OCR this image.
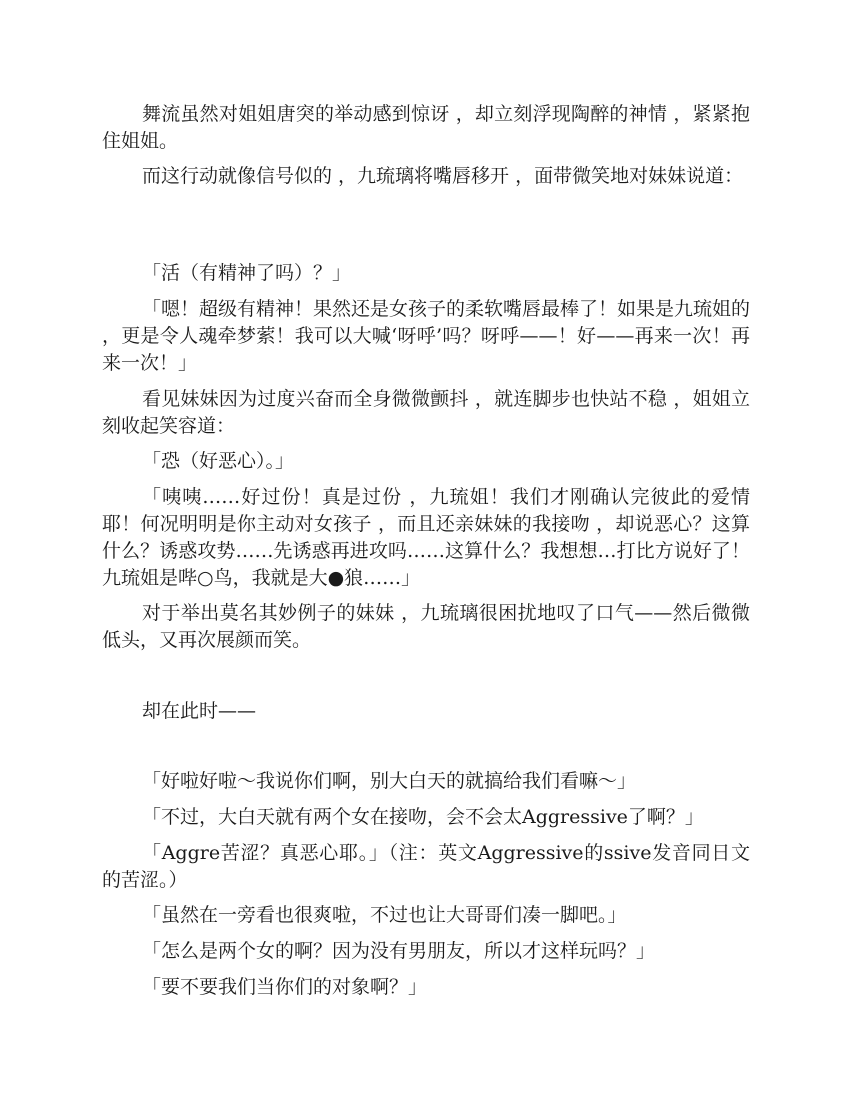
舞流虽然对姐姐唐突的举动感到惊讶 ，却立刻浮现陶醉的神情 ，紧紧抱住姐姐。

而这行动就像信号似的 ，九琉璃将嘴唇移开 ，面带微笑地对妹妹说道：

「活（有精神了吗）？」

「嗯！超级有精神！果然还是女孩子的柔软嘴唇最棒了！如果是九琉姐的 ，更是令人魂牵梦萦！我可以大喊‘呀呼’吗？呀呼——！好——再来一次！再来一次！」

看见妹妹因为过度兴奋而全身微微颤抖 ，就连脚步也快站不稳 ，姐姐立刻收起笑容道：

「恐（好恶心）。」

「咦咦……好过份！真是过份 ，九琉姐！我们才刚确认完彼此的爱情耶！何况明明是你主动对女孩子 ，而且还亲妹妹的我接吻 ，却说恶心？这算什么？诱惑攻势……先诱惑再进攻吗……这算什么？我想想…打比方说好了！九琉姐是哔○鸟，我就是大●狼……」

对于举出莫名其妙例子的妹妹 ，九琉璃很困扰地叹了口气——然后微微低头，又再次展颜而笑。

却在此时——

「好啦好啦～我说你们啊，别大白天的就搞给我们看嘛～」

「不过，大白天就有两个女在接吻，会不会太Aggressive了啊？」

「Aggre苦涩？真恶心耶。」（注：英文Aggressive的ssive发音同日文的苦涩。）

「虽然在一旁看也很爽啦，不过也让大哥哥们凑一脚吧。」

「怎么是两个女的啊？因为没有男朋友，所以才这样玩吗？」

「要不要我们当你们的对象啊？」
